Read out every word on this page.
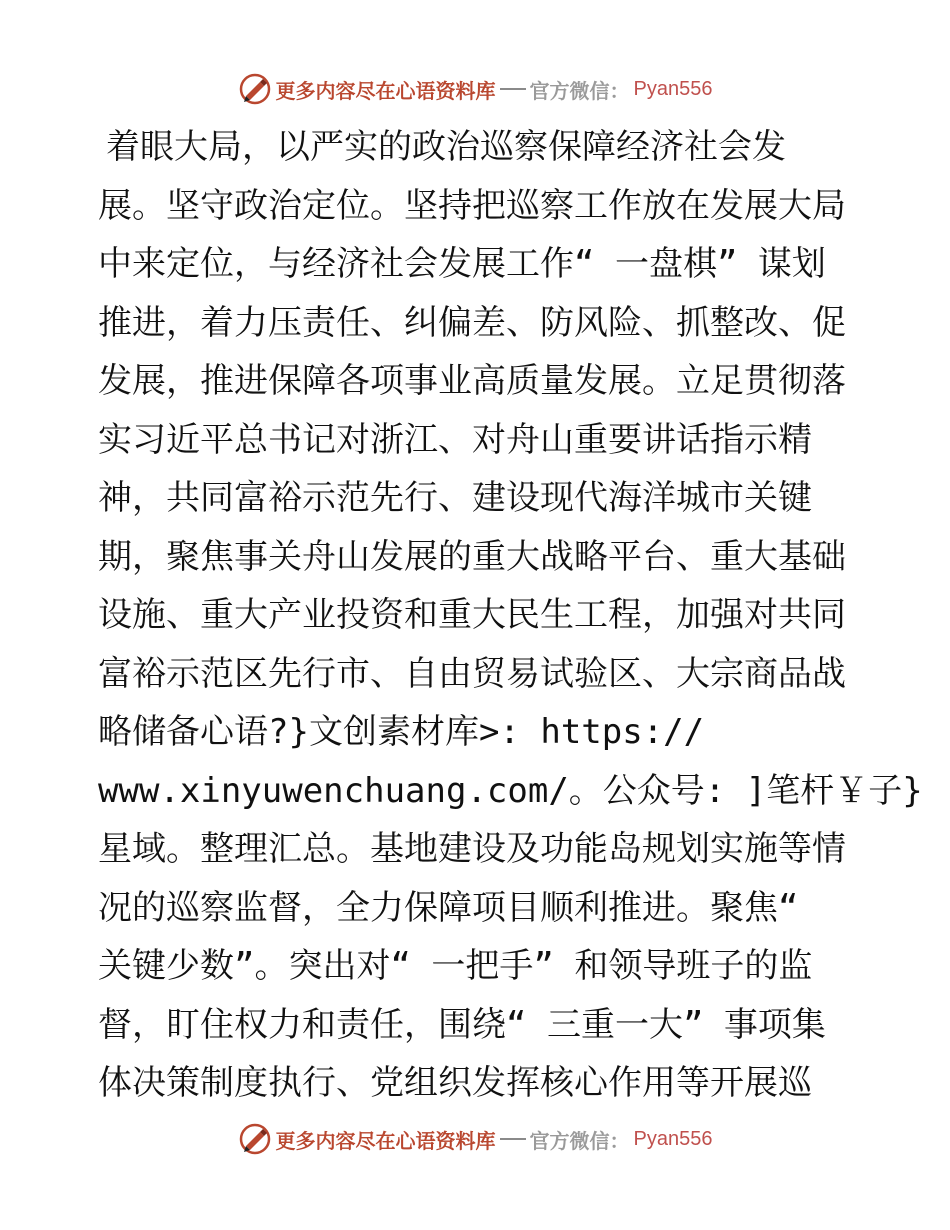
更多内容尽在心语资料库 官方微信： Pyan556
着眼大局，以严实的政治巡察保障经济社会发
展。坚守政治定位。坚持把巡察工作放在发展大局
中来定位，与经济社会发展工作“ 一盘棋” 谋划
推进，着力压责任、纠偏差、防风险、抓整改、促
发展，推进保障各项事业高质量发展。立足贯彻落
实习近平总书记对浙江、对舟山重要讲话指示精
神，共同富裕示范先行、建设现代海洋城市关键
期，聚焦事关舟山发展的重大战略平台、重大基础
设施、重大产业投资和重大民生工程，加强对共同
富裕示范区先行市、自由贸易试验区、大宗商品战
略储备心语?}文创素材库>: https://
www.xinyuwenchuang.com/。公众号: ]笔杆￥子}
星域。整理汇总。基地建设及功能岛规划实施等情
况的巡察监督，全力保障项目顺利推进。聚焦“
关键少数”。突出对“ 一把手” 和领导班子的监
督，盯住权力和责任，围绕“ 三重一大” 事项集
体决策制度执行、党组织发挥核心作用等开展巡
更多内容尽在心语资料库 官方微信： Pyan556
